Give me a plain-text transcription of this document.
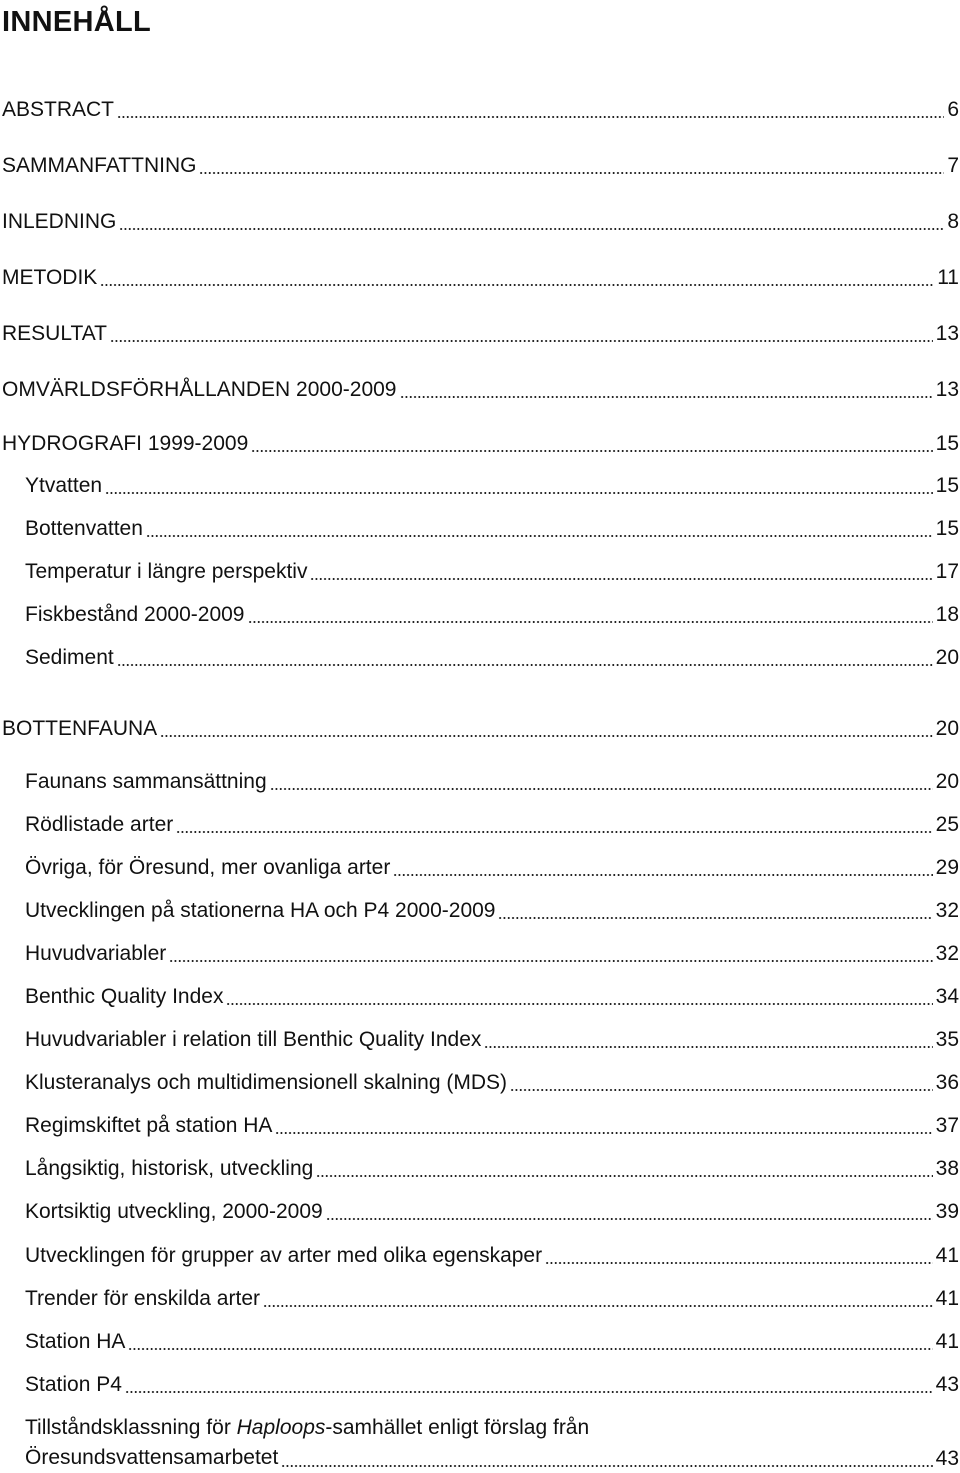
INNEHÅLL
ABSTRACT	6
SAMMANFATTNING	7
INLEDNING	8
METODIK	11
RESULTAT	13
OMVÄRLDSFÖRHÅLLANDEN 2000-2009	13
HYDROGRAFI 1999-2009	15
Ytvatten	15
Bottenvatten	15
Temperatur i längre perspektiv	17
Fiskbestånd 2000-2009	18
Sediment	20
BOTTENFAUNA	20
Faunans sammansättning	20
Rödlistade arter	25
Övriga, för Öresund, mer ovanliga arter	29
Utvecklingen på stationerna HA och P4 2000-2009	32
Huvudvariabler	32
Benthic Quality Index	34
Huvudvariabler i relation till Benthic Quality Index	35
Klusteranalys och multidimensionell skalning (MDS)	36
Regimskiftet på station HA	37
Långsiktig, historisk, utveckling	38
Kortsiktig utveckling, 2000-2009	39
Utvecklingen för grupper av arter med olika egenskaper	41
Trender för enskilda arter	41
Station HA	41
Station P4	43
Tillståndsklassning för Haploops-samhället enligt förslag från
Öresundsvattensamarbetet	43
